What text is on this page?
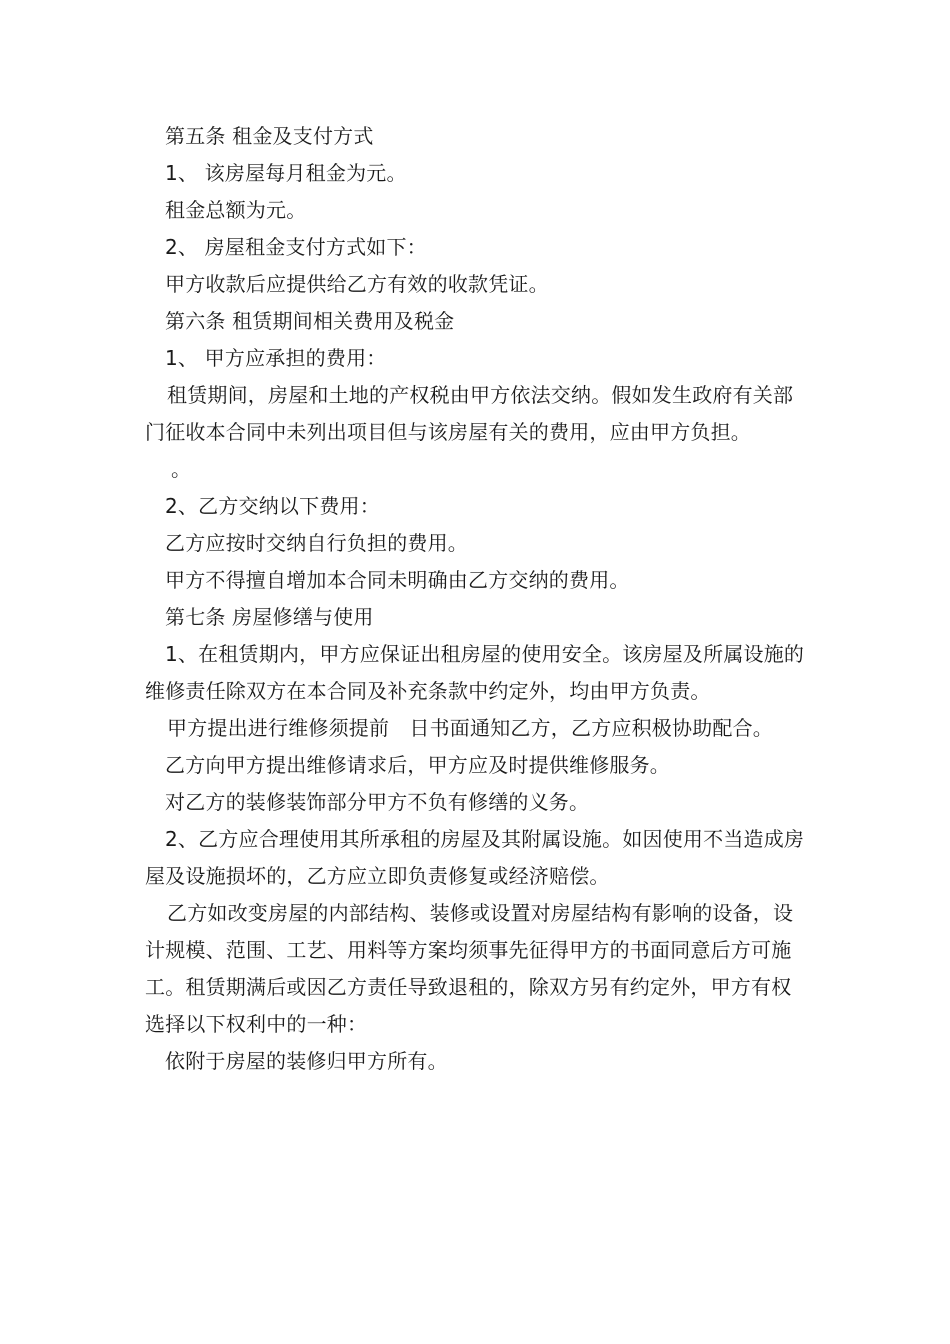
第五条 租金及支付方式

1、 该房屋每月租金为元。

租金总额为元。

2、 房屋租金支付方式如下：

甲方收款后应提供给乙方有效的收款凭证。

第六条 租赁期间相关费用及税金

1、 甲方应承担的费用：

租赁期间，房屋和土地的产权税由甲方依法交纳。假如发生政府有关部门征收本合同中未列出项目但与该房屋有关的费用，应由甲方负担。

。

2、乙方交纳以下费用：

乙方应按时交纳自行负担的费用。

甲方不得擅自增加本合同未明确由乙方交纳的费用。

第七条 房屋修缮与使用

1、在租赁期内，甲方应保证出租房屋的使用安全。该房屋及所属设施的维修责任除双方在本合同及补充条款中约定外，均由甲方负责。

甲方提出进行维修须提前　日书面通知乙方，乙方应积极协助配合。

乙方向甲方提出维修请求后，甲方应及时提供维修服务。

对乙方的装修装饰部分甲方不负有修缮的义务。

2、乙方应合理使用其所承租的房屋及其附属设施。如因使用不当造成房屋及设施损坏的，乙方应立即负责修复或经济赔偿。

乙方如改变房屋的内部结构、装修或设置对房屋结构有影响的设备，设计规模、范围、工艺、用料等方案均须事先征得甲方的书面同意后方可施工。租赁期满后或因乙方责任导致退租的，除双方另有约定外，甲方有权选择以下权利中的一种：

依附于房屋的装修归甲方所有。
